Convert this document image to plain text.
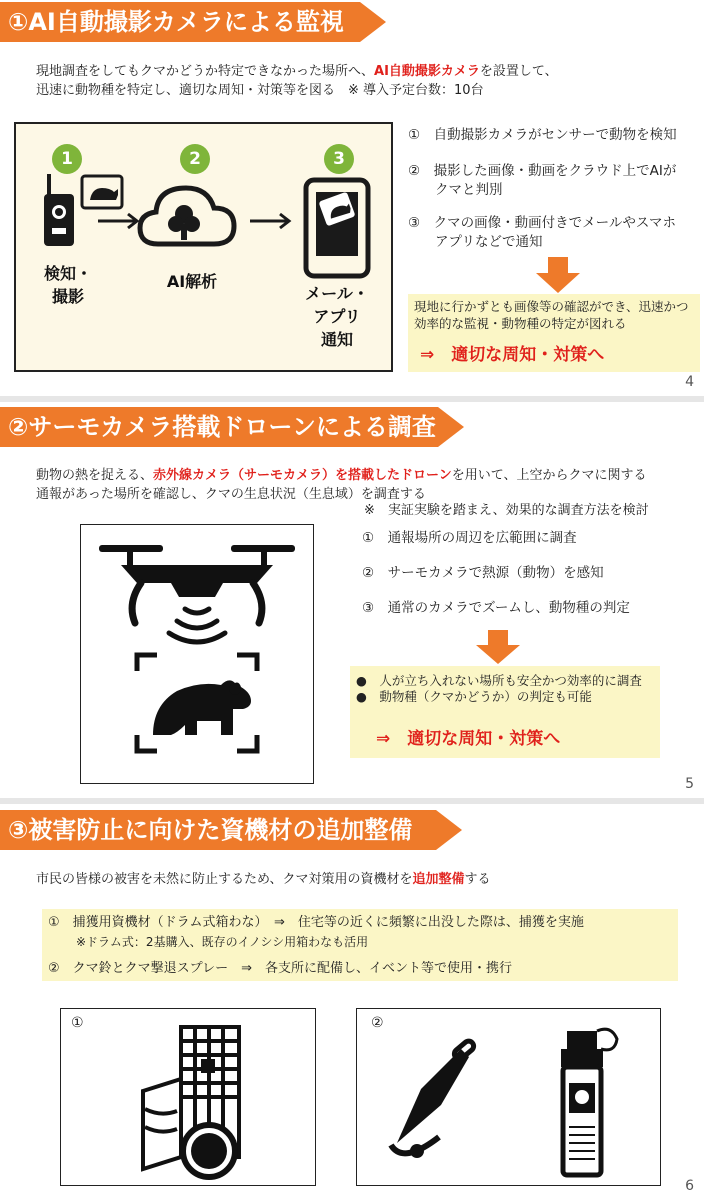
①AI自動撮影カメラによる監視
現地調査をしてもクマかどうか特定できなかった場所へ、AI自動撮影カメラを設置して、
迅速に動物種を特定し、適切な周知・対策等を図る　※ 導入予定台数：10台
1	2	3
検知・
撮影
AI解析
メール・
アプリ
通知
①　自動撮影カメラがセンサーで動物を検知
②　撮影した画像・動画をクラウド上でAIが
　　クマと判別
③　クマの画像・動画付きでメールやスマホ
　　アプリなどで通知
現地に行かずとも画像等の確認ができ、迅速かつ
効率的な監視・動物種の特定が図れる
⇒　適切な周知・対策へ
4
②サーモカメラ搭載ドローンによる調査
動物の熱を捉える、赤外線カメラ（サーモカメラ）を搭載したドローンを用いて、上空からクマに関する
通報があった場所を確認し、クマの生息状況（生息域）を調査する
※　実証実験を踏まえ、効果的な調査方法を検討
①　通報場所の周辺を広範囲に調査
②　サーモカメラで熱源（動物）を感知
③　通常のカメラでズームし、動物種の判定
●　人が立ち入れない場所も安全かつ効率的に調査
●　動物種（クマかどうか）の判定も可能
⇒　適切な周知・対策へ
5
③被害防止に向けた資機材の追加整備
市民の皆様の被害を未然に防止するため、クマ対策用の資機材を追加整備する
①　捕獲用資機材（ドラム式箱わな）　⇒　住宅等の近くに頻繁に出没した際は、捕獲を実施
※ドラム式：2基購入、既存のイノシシ用箱わなも活用
②　クマ鈴とクマ撃退スプレー　⇒　各支所に配備し、イベント等で使用・携行
①	②
6
